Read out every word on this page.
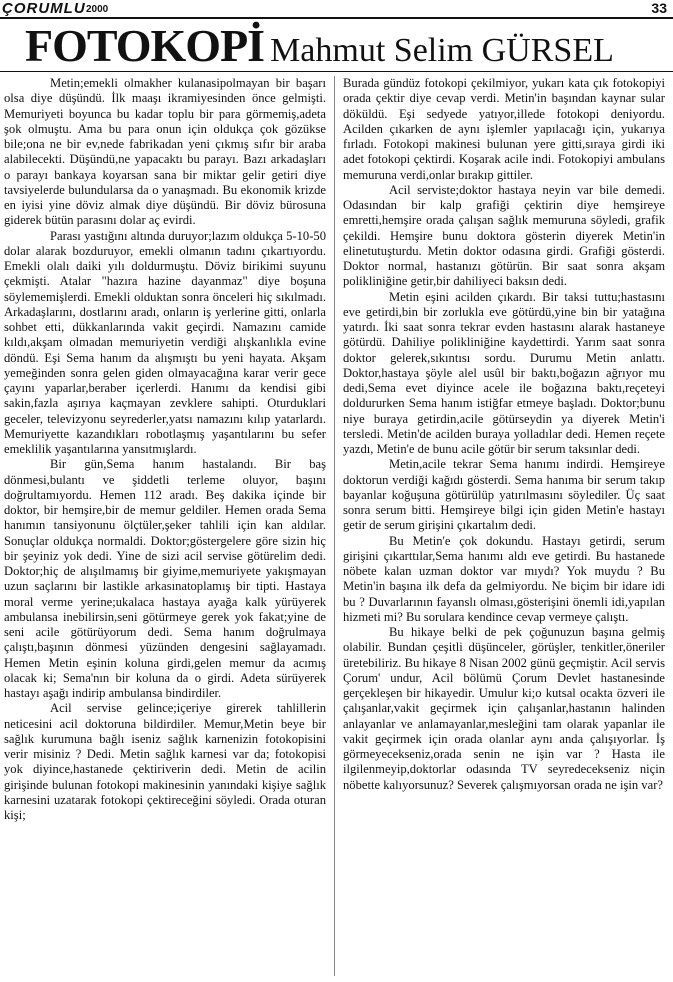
ÇORUMLU 2000	33
FOTOKOPİ Mahmut Selim GÜRSEL

Metin;emekli olmakher kulanasipolmayan bir başarı olsa diye düşündü. İlk maaşı ikramiyesinden önce gelmişti. Memuriyeti boyunca bu kadar toplu bir para görmemiş,adeta şok olmuştu. Ama bu para onun için oldukça çok gözükse bile;ona ne bir ev,nede fabrikadan yeni çıkmış sıfır bir araba alabilecekti. Düşündü,ne yapacaktı bu parayı. Bazı arkadaşları o parayı bankaya koyarsan sana bir miktar gelir getiri diye tavsiyelerde bulundularsa da o yanaşmadı. Bu ekonomik krizde en iyisi yine döviz almak diye düşündü. Bir döviz bürosuna giderek bütün parasını dolar aç evirdi.

Parası yastığını altında duruyor;lazım oldukça 5-10-50 dolar alarak bozduruyor, emekli olmanın tadını çıkartıyordu. Emekli olalı daiki yılı doldurmuştu. Döviz birikimi suyunu çekmişti. Atalar "hazıra hazine dayanmaz" diye boşuna söylememişlerdi. Emekli olduktan sonra önceleri hiç sıkılmadı. Arkadaşlarını, dostlarını aradı, onların iş yerlerine gitti, onlarla sohbet etti, dükkanlarında vakit geçirdi. Namazını camide kıldı,akşam olmadan memuriyetin verdiği alışkanlıkla evine döndü. Eşi Sema hanım da alışmıştı bu yeni hayata. Akşam yemeğinden sonra gelen giden olmayacağına karar verir gece çayını yaparlar,beraber içerlerdi. Hanımı da kendisi gibi sakin,fazla aşırıya kaçmayan zevklere sahipti. Oturduklari geceler, televizyonu seyrederler,yatsı namazını kılıp yatarlardı. Memuriyette kazandıkları robotlaşmış yaşantılarını bu sefer emeklilik yaşantılarına yansıtmışlardı.

Bir gün,Sema hanım hastalandı. Bir baş dönmesi,bulantı ve şiddetli terleme oluyor, başını doğrultamıyordu. Hemen 112 aradı. Beş dakika içinde bir doktor, bir hemşire,bir de memur geldiler. Hemen orada Sema hanımın tansiyonunu ölçtüler,şeker tahlili için kan aldılar. Sonuçlar oldukça normaldi. Doktor;göstergelere göre sizin hiç bir şeyiniz yok dedi. Yine de sizi acil servise götürelim dedi. Doktor;hiç de alışılmamış bir giyime,memuriyete yakışmayan uzun saçlarını bir lastikle arkasınatoplamış bir tipti. Hastaya moral verme yerine;ukalaca hastaya ayağa kalk yürüyerek ambulansa inebilirsin,seni götürmeye gerek yok fakat;yine de seni acile götürüyorum dedi. Sema hanım doğrulmaya çalıştı,başının dönmesi yüzünden dengesini sağlayamadı. Hemen Metin eşinin koluna girdi,gelen memur da acımış olacak ki; Sema'nın bir koluna da o girdi. Adeta sürüyerek hastayı aşağı indirip ambulansa bindirdiler.

Acil servise gelince;içeriye girerek tahlillerin neticesini acil doktoruna bildirdiler. Memur,Metin beye bir sağlık kurumuna bağlı iseniz sağlık karnenizin fotokopisini verir misiniz ? Dedi. Metin sağlık karnesi var da; fotokopisi yok diyince,hastanede çektiriverin dedi. Metin de acilin girişinde bulunan fotokopi makinesinin yanındaki kişiye sağlık karnesini uzatarak fotokopi çektireceğini söyledi. Orada oturan kişi;

Burada gündüz fotokopi çekilmiyor, yukarı kata çık fotokopiyi orada çektir diye cevap verdi. Metin'in başından kaynar sular döküldü. Eşi sedyede yatıyor,illede fotokopi deniyordu. Acilden çıkarken de aynı işlemler yapılacağı için, yukarıya fırladı. Fotokopi makinesi bulunan yere gitti,sıraya girdi iki adet fotokopi çektirdi. Koşarak acile indi. Fotokopiyi ambulans memuruna verdi,onlar bırakıp gittiler.

Acil serviste;doktor hastaya neyin var bile demedi. Odasından bir kalp grafiği çektirin diye hemşireye emretti,hemşire orada çalışan sağlık memuruna söyledi, grafik çekildi. Hemşire bunu doktora gösterin diyerek Metin'in elinetutuşturdu. Metin doktor odasına girdi. Grafiği gösterdi. Doktor normal, hastanızı götürün. Bir saat sonra akşam polikliniğine getir,bir dahiliyeci baksın dedi.

Metin eşini acilden çıkardı. Bir taksi tuttu;hastasını eve getirdi,bin bir zorlukla eve götürdü,yine bin bir yatağına yatırdı. İki saat sonra tekrar evden hastasını alarak hastaneye götürdü. Dahiliye polikliniğine kaydettirdi. Yarım saat sonra doktor gelerek,sıkıntısı sordu. Durumu Metin anlattı. Doktor,hastaya şöyle alel usûl bir baktı,boğazın ağrıyor mu dedi,Sema evet diyince acele ile boğazına baktı,reçeteyi doldururken Sema hanım istiğfar etmeye başladı. Doktor;bunu niye buraya getirdin,acile götürseydin ya diyerek Metin'i tersledi. Metin'de acilden buraya yolladılar dedi. Hemen reçete yazdı, Metin'e de bunu acile götür bir serum taksınlar dedi.

Metin,acile tekrar Sema hanımı indirdi. Hemşireye doktorun verdiği kağıdı gösterdi. Sema hanıma bir serum takıp bayanlar koğuşuna götürülüp yatırılmasını söylediler. Üç saat sonra serum bitti. Hemşireye bilgi için giden Metin'e hastayı getir de serum girişini çıkartalım dedi.

Bu Metin'e çok dokundu. Hastayı getirdi, serum girişini çıkarttılar,Sema hanımı aldı eve getirdi. Bu hastanede nöbete kalan uzman doktor var mıydı? Yok muydu ? Bu Metin'in başına ilk defa da gelmiyordu. Ne biçim bir idare idi bu ? Duvarlarının fayanslı olması,gösterişini önemli idi,yapılan hizmeti mi? Bu sorulara kendince cevap vermeye çalıştı.

Bu hikaye belki de pek çoğunuzun başına gelmiş olabilir. Bundan çeşitli düşünceler, görüşler, tenkitler,öneriler üretebiliriz. Bu hikaye 8 Nisan 2002 günü geçmiştir. Acil servis Çorum' undur, Acil bölümü Çorum Devlet hastanesinde gerçekleşen bir hikayedir. Umulur ki;o kutsal ocakta özveri ile çalışanlar,vakit geçirmek için çalışanlar,hastanın halinden anlayanlar ve anlamayanlar,mesleğini tam olarak yapanlar ile vakit geçirmek için orada olanlar aynı anda çalışıyorlar. İş görmeyecekseniz,orada senin ne işin var ? Hasta ile ilgilenmeyip,doktorlar odasında TV seyredecekseniz niçin nöbette kalıyorsunuz? Severek çalışmıyorsan orada ne işin var?
